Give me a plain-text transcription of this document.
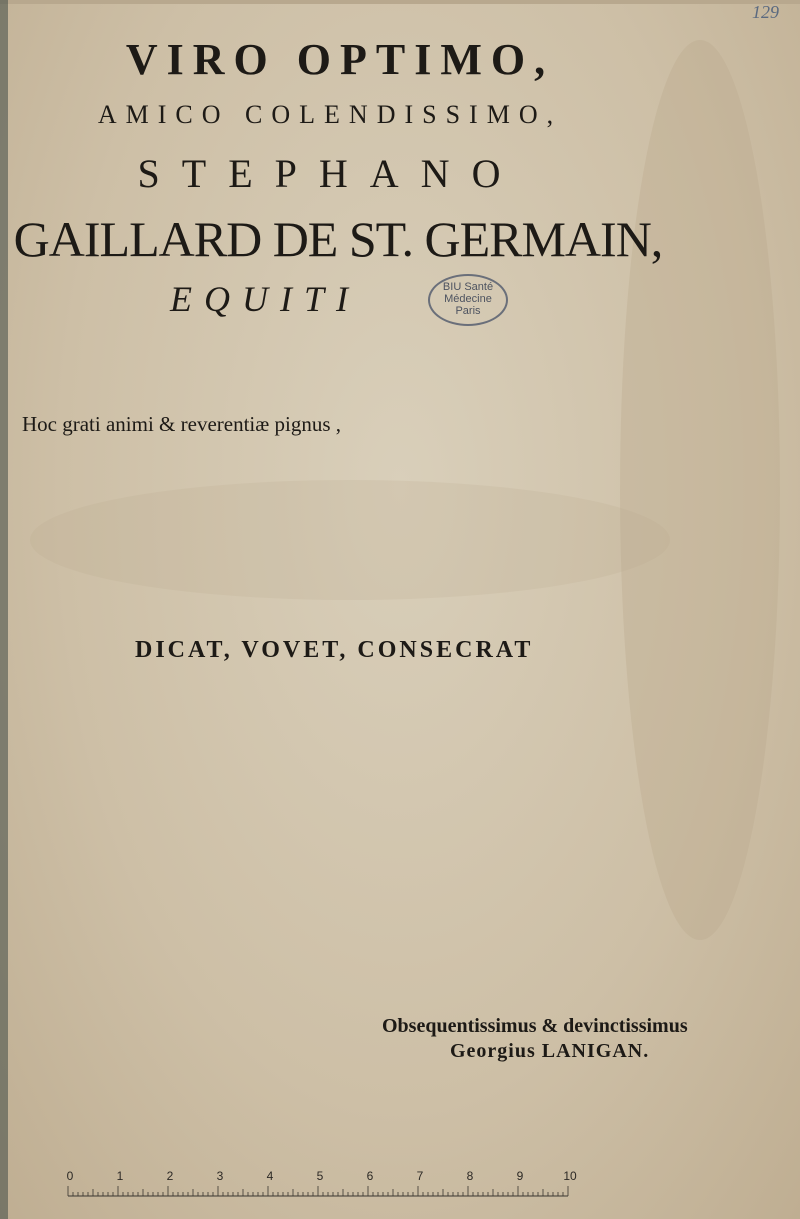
129
VIRO OPTIMO,
AMICO COLENDISSIMO,
STEPHANO
GAILLARD DE ST. GERMAIN,
EQUITI	BIU Santé
Médecine
Paris
Hoc grati animi & reverentiæ pignus ,
DICAT, VOVET, CONSECRAT
Obsequentissimus & devinctissimus
Georgius LANIGAN.
0	1	2	3	4	5	6	7	8	9	10
